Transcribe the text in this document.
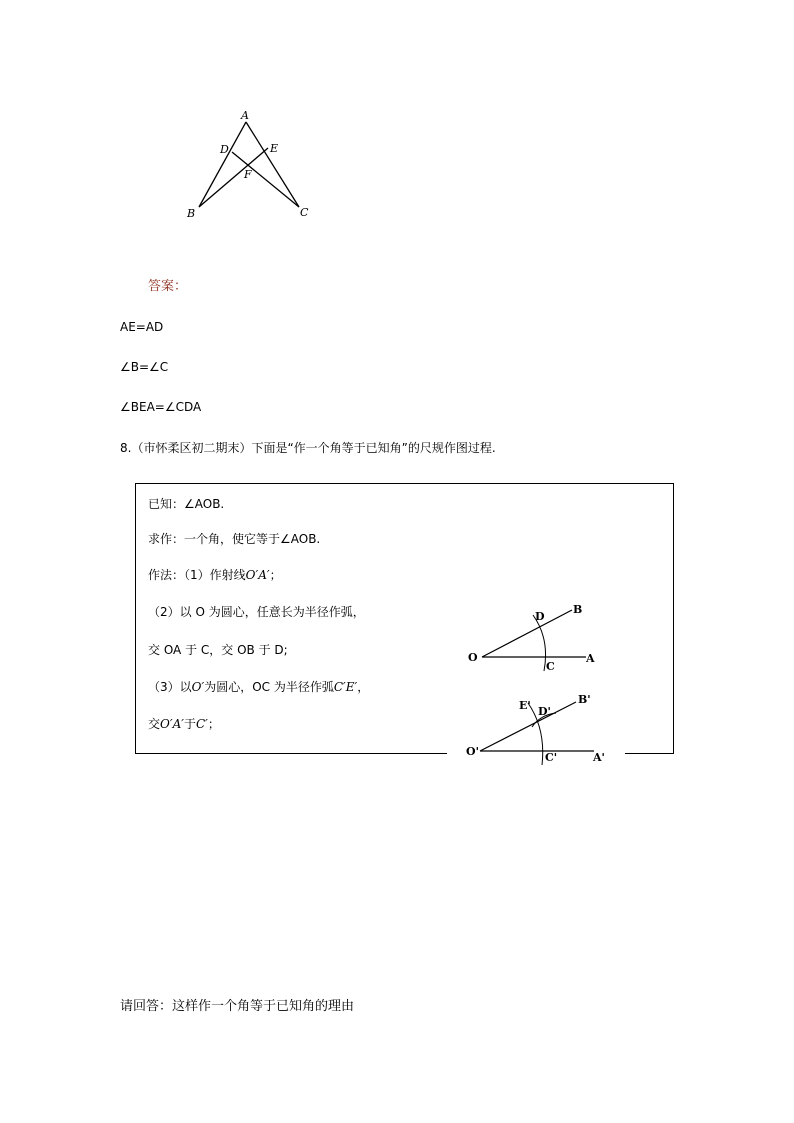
A
D	E
F
B	C
答案：
AE=AD
∠B=∠C
∠BEA=∠CDA
8.（市怀柔区初二期末）下面是“作一个角等于已知角”的尺规作图过程.
已知：∠AOB.
求作：一个角，使它等于∠AOB.
作法：（1）作射线O′A′；
（2）以 O 为圆心，任意长为半径作弧，
交 OA 于 C，交 OB 于 D;
（3）以O′为圆心，OC 为半径作弧C′E′，
交O′A′于C′；
O	A
B
D
C
O'	A'
B'
E' D'
C'
请回答：这样作一个角等于已知角的理由
